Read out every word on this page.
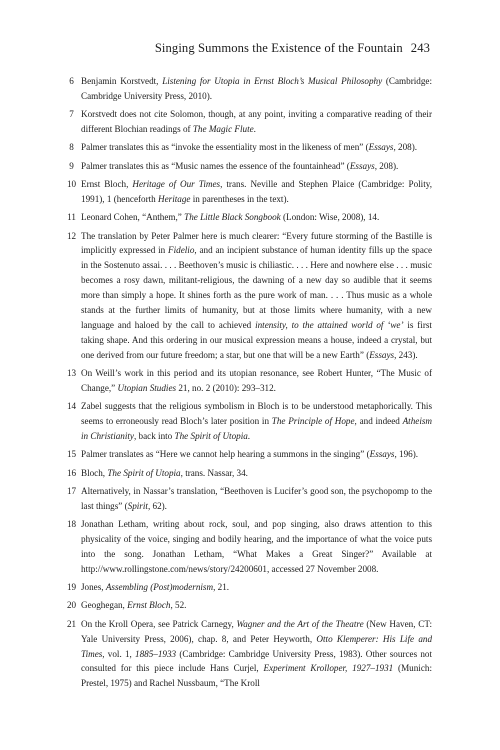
Singing Summons the Existence of the Fountain 243
6 Benjamin Korstvedt, Listening for Utopia in Ernst Bloch’s Musical Philosophy (Cambridge: Cambridge University Press, 2010).
7 Korstvedt does not cite Solomon, though, at any point, inviting a comparative reading of their different Blochian readings of The Magic Flute.
8 Palmer translates this as “invoke the essentiality most in the likeness of men” (Essays, 208).
9 Palmer translates this as “Music names the essence of the fountainhead” (Essays, 208).
10 Ernst Bloch, Heritage of Our Times, trans. Neville and Stephen Plaice (Cambridge: Polity, 1991), 1 (henceforth Heritage in parentheses in the text).
11 Leonard Cohen, “Anthem,” The Little Black Songbook (London: Wise, 2008), 14.
12 The translation by Peter Palmer here is much clearer: “Every future storming of the Bastille is implicitly expressed in Fidelio, and an incipient substance of human identity fills up the space in the Sostenuto assai. . . . Beethoven’s music is chiliastic. . . . Here and nowhere else . . . music becomes a rosy dawn, militant-religious, the dawning of a new day so audible that it seems more than simply a hope. It shines forth as the pure work of man. . . . Thus music as a whole stands at the further limits of humanity, but at those limits where humanity, with a new language and haloed by the call to achieved intensity, to the attained world of ‘we’ is first taking shape. And this ordering in our musical expression means a house, indeed a crystal, but one derived from our future freedom; a star, but one that will be a new Earth” (Essays, 243).
13 On Weill’s work in this period and its utopian resonance, see Robert Hunter, “The Music of Change,” Utopian Studies 21, no. 2 (2010): 293–312.
14 Zabel suggests that the religious symbolism in Bloch is to be understood metaphorically. This seems to erroneously read Bloch’s later position in The Principle of Hope, and indeed Atheism in Christianity, back into The Spirit of Utopia.
15 Palmer translates as “Here we cannot help hearing a summons in the singing” (Essays, 196).
16 Bloch, The Spirit of Utopia, trans. Nassar, 34.
17 Alternatively, in Nassar’s translation, “Beethoven is Lucifer’s good son, the psychopomp to the last things” (Spirit, 62).
18 Jonathan Letham, writing about rock, soul, and pop singing, also draws attention to this physicality of the voice, singing and bodily hearing, and the importance of what the voice puts into the song. Jonathan Letham, “What Makes a Great Singer?” Available at http://www.rollingstone.com/news/story/24200601, accessed 27 November 2008.
19 Jones, Assembling (Post)modernism, 21.
20 Geoghegan, Ernst Bloch, 52.
21 On the Kroll Opera, see Patrick Carnegy, Wagner and the Art of the Theatre (New Haven, CT: Yale University Press, 2006), chap. 8, and Peter Heyworth, Otto Klemperer: His Life and Times, vol. 1, 1885–1933 (Cambridge: Cambridge University Press, 1983). Other sources not consulted for this piece include Hans Curjel, Experiment Krolloper, 1927–1931 (Munich: Prestel, 1975) and Rachel Nussbaum, “The Kroll
